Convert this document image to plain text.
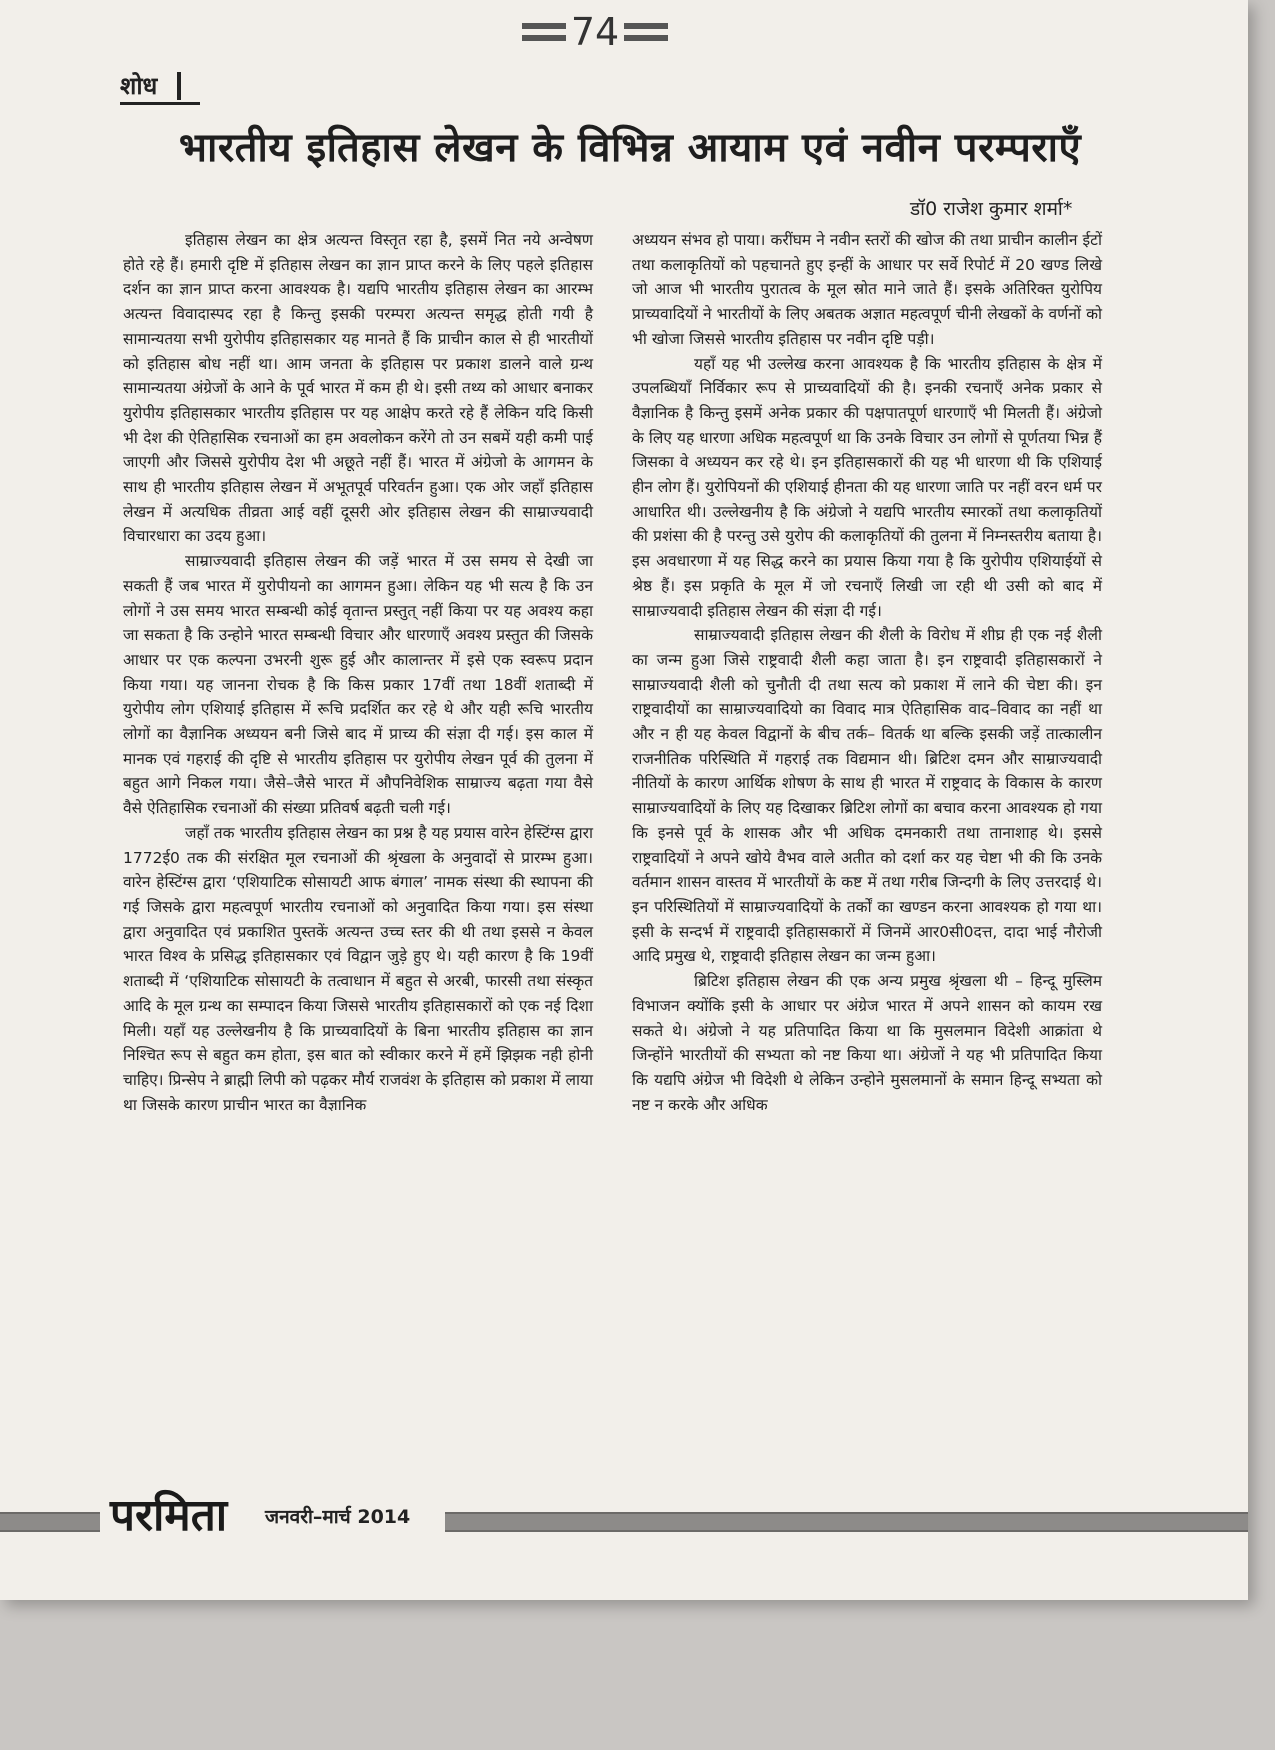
74
शोध
भारतीय इतिहास लेखन के विभिन्न आयाम एवं नवीन परम्पराएँ
डॉ0 राजेश कुमार शर्मा*

इतिहास लेखन का क्षेत्र अत्यन्त विस्तृत रहा है, इसमें नित नये अन्वेषण होते रहे हैं। हमारी दृष्टि में इतिहास लेखन का ज्ञान प्राप्त करने के लिए पहले इतिहास दर्शन का ज्ञान प्राप्त करना आवश्यक है। यद्यपि भारतीय इतिहास लेखन का आरम्भ अत्यन्त विवादास्पद रहा है किन्तु इसकी परम्परा अत्यन्त समृद्ध होती गयी है सामान्यतया सभी युरोपीय इतिहासकार यह मानते हैं कि प्राचीन काल से ही भारतीयों को इतिहास बोध नहीं था। आम जनता के इतिहास पर प्रकाश डालने वाले ग्रन्थ सामान्यतया अंग्रेजों के आने के पूर्व भारत में कम ही थे। इसी तथ्य को आधार बनाकर युरोपीय इतिहासकार भारतीय इतिहास पर यह आक्षेप करते रहे हैं लेकिन यदि किसी भी देश की ऐतिहासिक रचनाओं का हम अवलोकन करेंगे तो उन सबमें यही कमी पाई जाएगी और जिससे युरोपीय देश भी अछूते नहीं हैं। भारत में अंग्रेजो के आगमन के साथ ही भारतीय इतिहास लेखन में अभूतपूर्व परिवर्तन हुआ। एक ओर जहाँ इतिहास लेखन में अत्यधिक तीव्रता आई वहीं दूसरी ओर इतिहास लेखन की साम्राज्यवादी विचारधारा का उदय हुआ।

साम्राज्यवादी इतिहास लेखन की जड़ें भारत में उस समय से देखी जा सकती हैं जब भारत में युरोपीयनो का आगमन हुआ। लेकिन यह भी सत्य है कि उन लोगों ने उस समय भारत सम्बन्धी कोई वृतान्त प्रस्तुत् नहीं किया पर यह अवश्य कहा जा सकता है कि उन्होने भारत सम्बन्धी विचार और धारणाएँ अवश्य प्रस्तुत की जिसके आधार पर एक कल्पना उभरनी शुरू हुई और कालान्तर में इसे एक स्वरूप प्रदान किया गया। यह जानना रोचक है कि किस प्रकार 17वीं तथा 18वीं शताब्दी में युरोपीय लोग एशियाई इतिहास में रूचि प्रदर्शित कर रहे थे और यही रूचि भारतीय लोगों का वैज्ञानिक अध्ययन बनी जिसे बाद में प्राच्य की संज्ञा दी गई। इस काल में मानक एवं गहराई की दृष्टि से भारतीय इतिहास पर युरोपीय लेखन पूर्व की तुलना में बहुत आगे निकल गया। जैसे–जैसे भारत में औपनिवेशिक साम्राज्य बढ़ता गया वैसे वैसे ऐतिहासिक रचनाओं की संख्या प्रतिवर्ष बढ़ती चली गई।

जहाँ तक भारतीय इतिहास लेखन का प्रश्न है यह प्रयास वारेन हेस्टिंग्स द्वारा 1772ई0 तक की संरक्षित मूल रचनाओं की श्रृंखला के अनुवादों से प्रारम्भ हुआ। वारेन हेस्टिंग्स द्वारा ‘एशियाटिक सोसायटी आफ बंगाल’ नामक संस्था की स्थापना की गई जिसके द्वारा महत्वपूर्ण भारतीय रचनाओं को अनुवादित किया गया। इस संस्था द्वारा अनुवादित एवं प्रकाशित पुस्तकें अत्यन्त उच्च स्तर की थी तथा इससे न केवल भारत विश्व के प्रसिद्ध इतिहासकार एवं विद्वान जुड़े हुए थे। यही कारण है कि 19वीं शताब्दी में ‘एशियाटिक सोसायटी के तत्वाधान में बहुत से अरबी, फारसी तथा संस्कृत आदि के मूल ग्रन्थ का सम्पादन किया जिससे भारतीय इतिहासकारों को एक नई दिशा मिली। यहाँ यह उल्लेखनीय है कि प्राच्यवादियों के बिना भारतीय इतिहास का ज्ञान निश्चित रूप से बहुत कम होता, इस बात को स्वीकार करने में हमें झिझक नही होनी चाहिए। प्रिन्सेप ने ब्राह्मी लिपी को पढ़कर मौर्य राजवंश के इतिहास को प्रकाश में लाया था जिसके कारण प्राचीन भारत का वैज्ञानिक

अध्ययन संभव हो पाया। करींघम ने नवीन स्तरों की खोज की तथा प्राचीन कालीन ईटों तथा कलाकृतियों को पहचानते हुए इन्हीं के आधार पर सर्वे रिपोर्ट में 20 खण्ड लिखे जो आज भी भारतीय पुरातत्व के मूल स्रोत माने जाते हैं। इसके अतिरिक्त युरोपिय प्राच्यवादियों ने भारतीयों के लिए अबतक अज्ञात महत्वपूर्ण चीनी लेखकों के वर्णनों को भी खोजा जिससे भारतीय इतिहास पर नवीन दृष्टि पड़ी।

यहाँ यह भी उल्लेख करना आवश्यक है कि भारतीय इतिहास के क्षेत्र में उपलब्धियाँ निर्विकार रूप से प्राच्यवादियों की है। इनकी रचनाएँ अनेक प्रकार से वैज्ञानिक है किन्तु इसमें अनेक प्रकार की पक्षपातपूर्ण धारणाएँ भी मिलती हैं। अंग्रेजो के लिए यह धारणा अधिक महत्वपूर्ण था कि उनके विचार उन लोगों से पूर्णतया भिन्न हैं जिसका वे अध्ययन कर रहे थे। इन इतिहासकारों की यह भी धारणा थी कि एशियाई हीन लोग हैं। युरोपियनों की एशियाई हीनता की यह धारणा जाति पर नहीं वरन धर्म पर आधारित थी। उल्लेखनीय है कि अंग्रेजो ने यद्यपि भारतीय स्मारकों तथा कलाकृतियों की प्रशंसा की है परन्तु उसे युरोप की कलाकृतियों की तुलना में निम्नस्तरीय बताया है। इस अवधारणा में यह सिद्ध करने का प्रयास किया गया है कि युरोपीय एशियाईयों से श्रेष्ठ हैं। इस प्रकृति के मूल में जो रचनाएँ लिखी जा रही थी उसी को बाद में साम्राज्यवादी इतिहास लेखन की संज्ञा दी गई।

साम्राज्यवादी इतिहास लेखन की शैली के विरोध में शीघ्र ही एक नई शैली का जन्म हुआ जिसे राष्ट्रवादी शैली कहा जाता है। इन राष्ट्रवादी इतिहासकारों ने साम्राज्यवादी शैली को चुनौती दी तथा सत्य को प्रकाश में लाने की चेष्टा की। इन राष्ट्रवादीयों का साम्राज्यवादियो का विवाद मात्र ऐतिहासिक वाद–विवाद का नहीं था और न ही यह केवल विद्वानों के बीच तर्क– वितर्क था बल्कि इसकी जड़ें तात्कालीन राजनीतिक परिस्थिति में गहराई तक विद्यमान थी। ब्रिटिश दमन और साम्राज्यवादी नीतियों के कारण आर्थिक शोषण के साथ ही भारत में राष्ट्रवाद के विकास के कारण साम्राज्यवादियों के लिए यह दिखाकर ब्रिटिश लोगों का बचाव करना आवश्यक हो गया कि इनसे पूर्व के शासक और भी अधिक दमनकारी तथा तानाशाह थे। इससे राष्ट्रवादियों ने अपने खोये वैभव वाले अतीत को दर्शा कर यह चेष्टा भी की कि उनके वर्तमान शासन वास्तव में भारतीयों के कष्ट में तथा गरीब जिन्दगी के लिए उत्तरदाई थे। इन परिस्थितियों में साम्राज्यवादियों के तर्कों का खण्डन करना आवश्यक हो गया था। इसी के सन्दर्भ में राष्ट्रवादी इतिहासकारों में जिनमें आर0सी0दत्त, दादा भाई नौरोजी आदि प्रमुख थे, राष्ट्रवादी इतिहास लेखन का जन्म हुआ।

ब्रिटिश इतिहास लेखन की एक अन्य प्रमुख श्रृंखला थी – हिन्दू मुस्लिम विभाजन क्योंकि इसी के आधार पर अंग्रेज भारत में अपने शासन को कायम रख सकते थे। अंग्रेजो ने यह प्रतिपादित किया था कि मुसलमान विदेशी आक्रांता थे जिन्होंने भारतीयों की सभ्यता को नष्ट किया था। अंग्रेजों ने यह भी प्रतिपादित किया कि यद्यपि अंग्रेज भी विदेशी थे लेकिन उन्होने मुसलमानों के समान हिन्दू सभ्यता को नष्ट न करके और अधिक

परमिता जनवरी–मार्च 2014
